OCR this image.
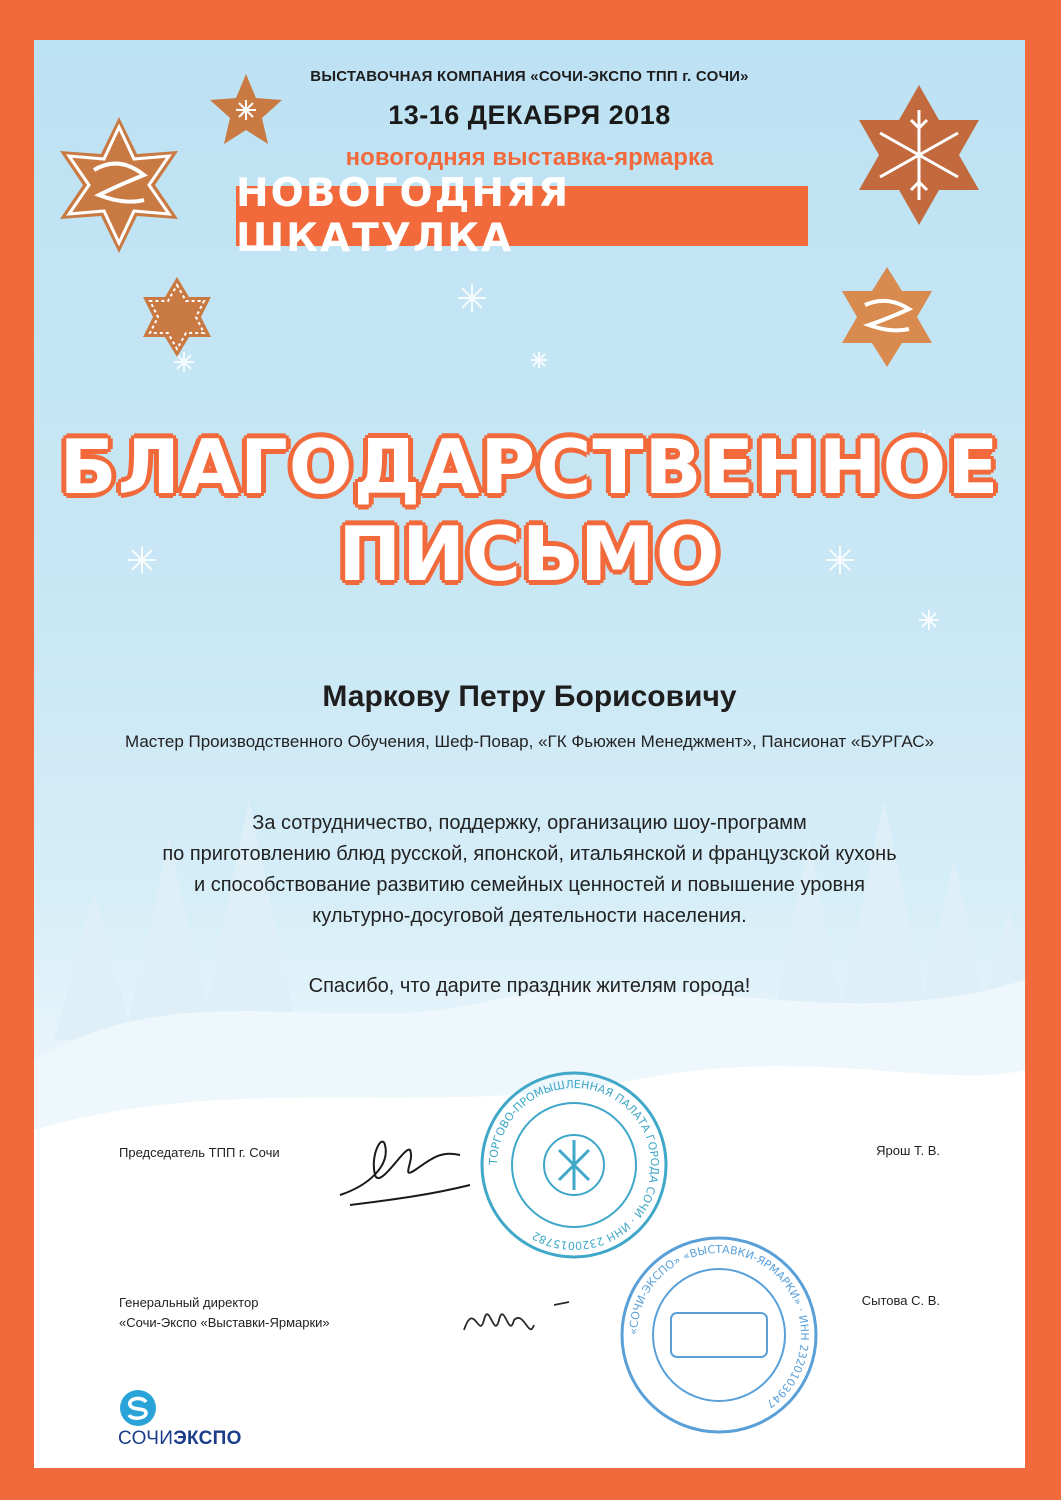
ВЫСТАВОЧНАЯ КОМПАНИЯ «СОЧИ-ЭКСПО ТПП г. СОЧИ»
13-16 ДЕКАБРЯ 2018
новогодняя выставка-ярмарка
НОВОГОДНЯЯ ШКАТУЛКА
БЛАГОДАРСТВЕННОЕ
ПИСЬМО
Маркову Петру Борисовичу
Мастер Производственного Обучения, Шеф-Повар, «ГК Фьюжен Менеджмент», Пансионат «БУРГАС»
За сотрудничество, поддержку, организацию шоу-программ
по приготовлению блюд русской, японской, итальянской и французской кухонь
и способствование развитию семейных ценностей и повышение уровня
культурно-досуговой деятельности населения.
Спасибо, что дарите праздник жителям города!
Председатель ТПП г. Сочи	Ярош Т. В.
ТОРГОВО-ПРОМЫШЛЕННАЯ ПАЛАТА ГОРОДА СОЧИ · ИНН 2320015782
Генеральный директор
«Сочи-Экспо «Выставки-Ярмарки»
Сытова С. В.
«СОЧИ-ЭКСПО» «ВЫСТАВКИ-ЯРМАРКИ» · ИНН 2320103947
СОЧИЭКСПО
